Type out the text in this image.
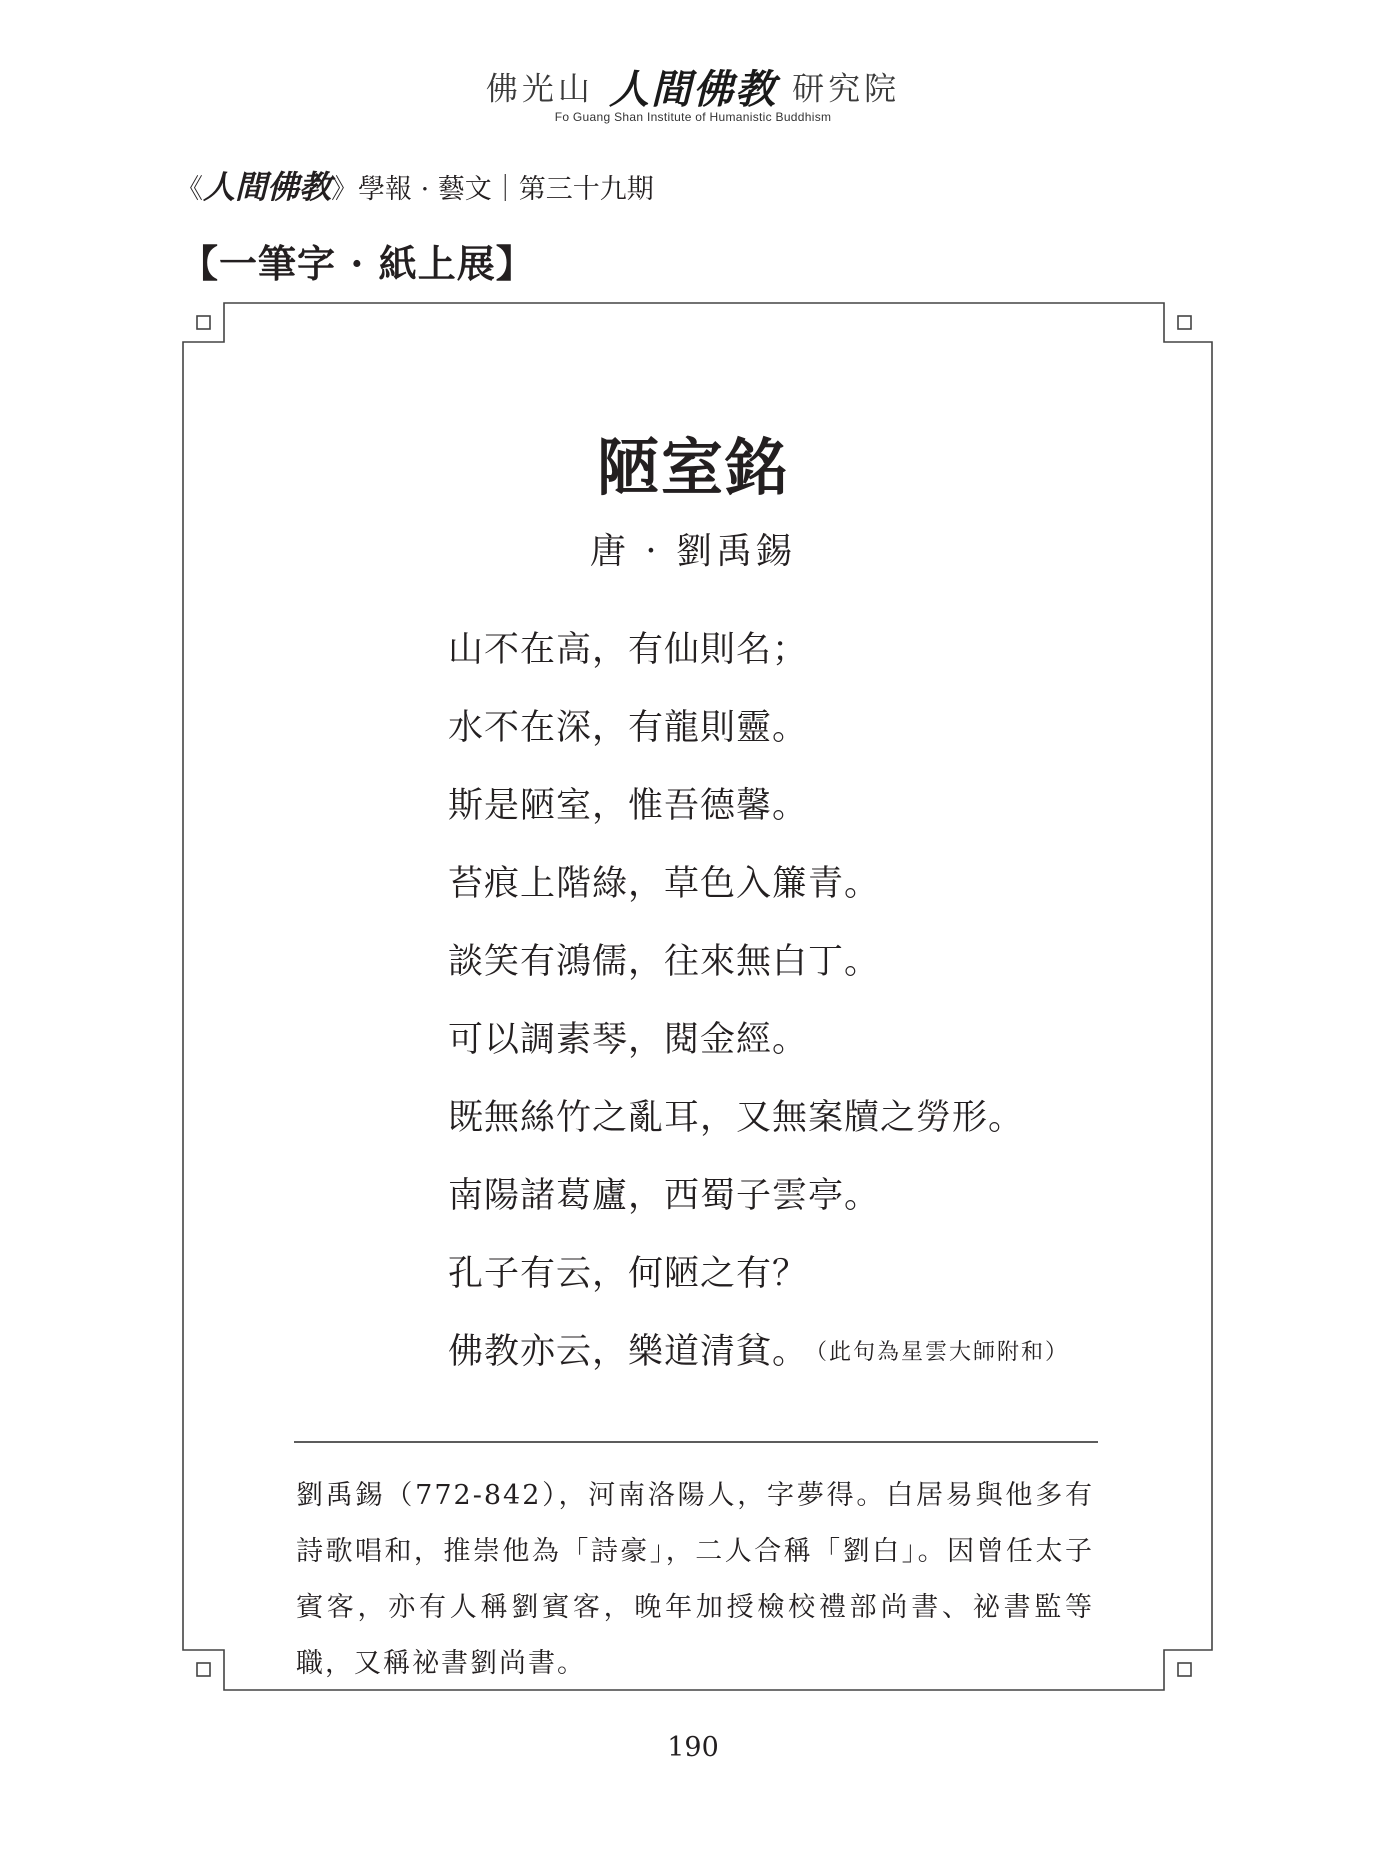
佛光山 人間佛教 研究院
Fo Guang Shan Institute of Humanistic Buddhism
《人間佛教》學報 · 藝文｜第三十九期
【一筆字 · 紙上展】
陋室銘
唐 · 劉禹錫
山不在高，有仙則名；
水不在深，有龍則靈。
斯是陋室，惟吾德馨。
苔痕上階綠，草色入簾青。
談笑有鴻儒，往來無白丁。
可以調素琴，閱金經。
既無絲竹之亂耳，又無案牘之勞形。
南陽諸葛廬，西蜀子雲亭。
孔子有云，何陋之有？
佛教亦云，樂道清貧。 （此句為星雲大師附和）

劉禹錫（772-842），河南洛陽人，字夢得。白居易與他多有詩歌唱和，推崇他為「詩豪」，二人合稱「劉白」。因曾任太子賓客，亦有人稱劉賓客，晚年加授檢校禮部尚書、祕書監等職，又稱祕書劉尚書。

190
